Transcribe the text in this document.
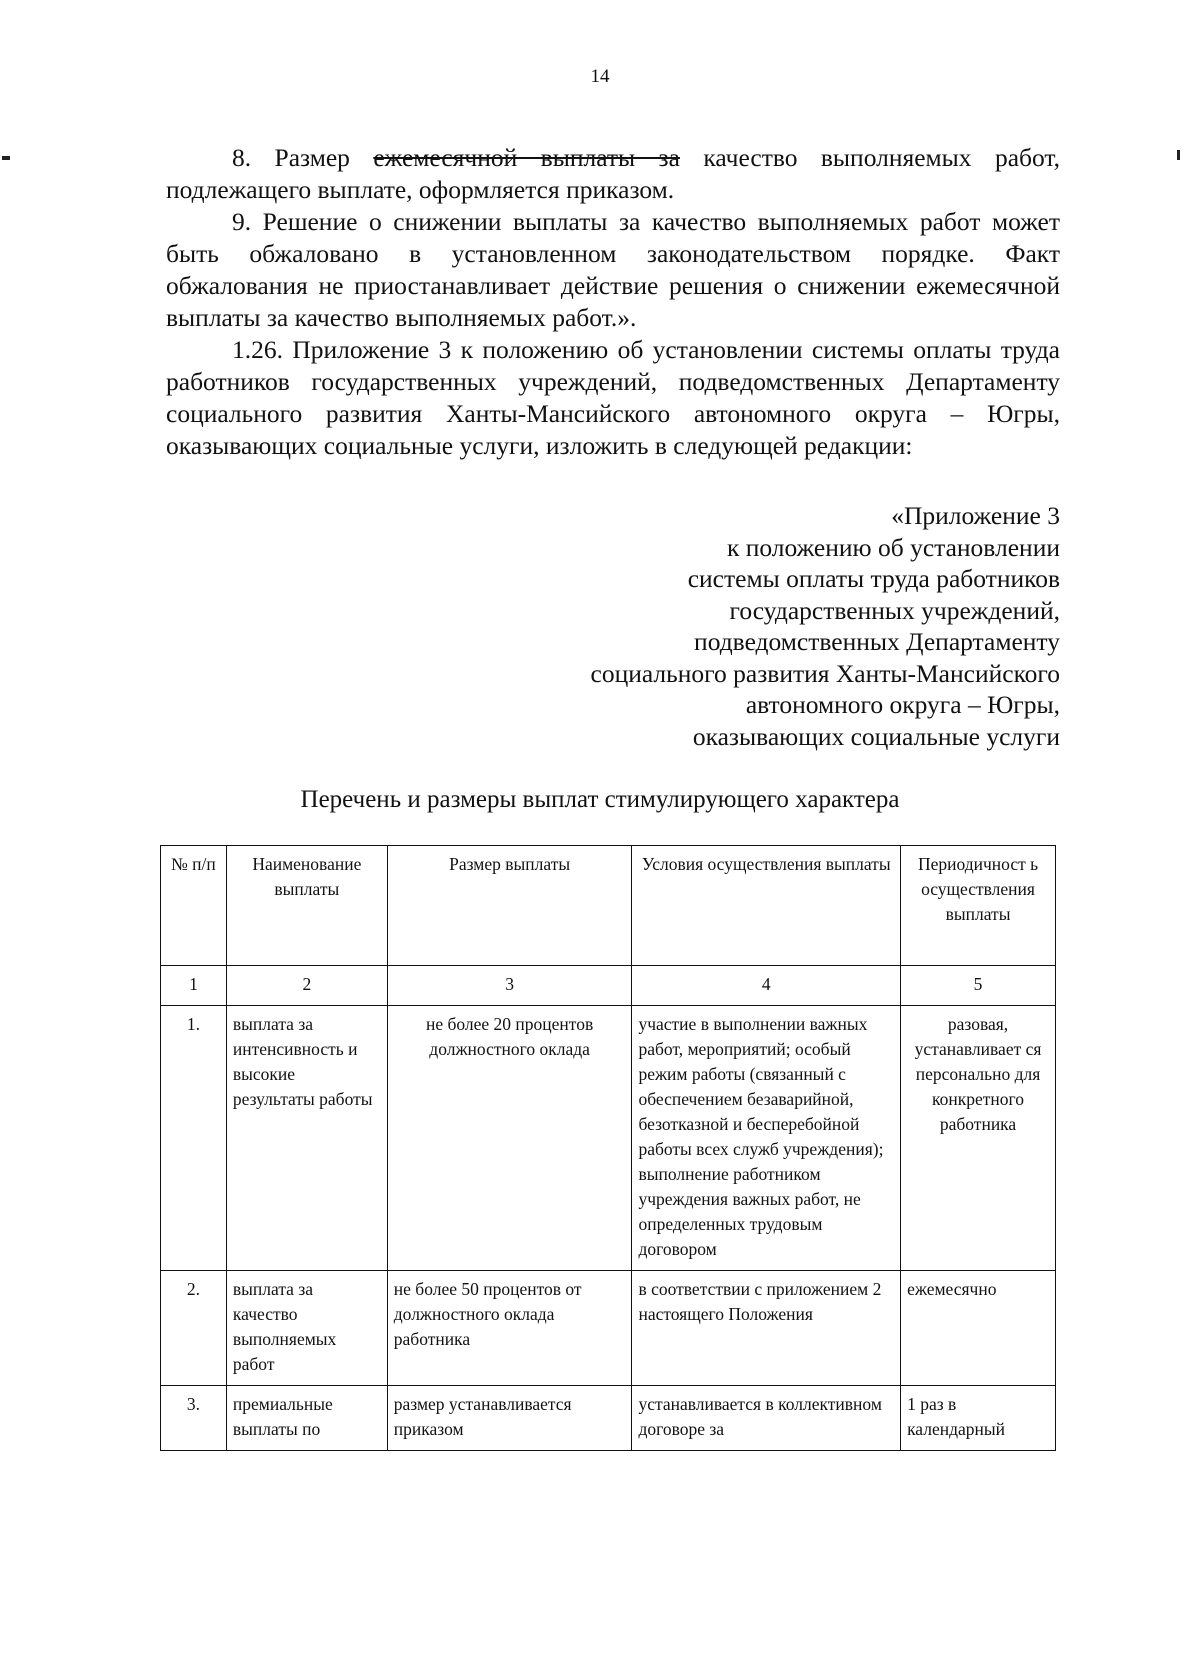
14

8. Размер ежемесячной выплаты за качество выполняемых работ, подлежащего выплате, оформляется приказом.

9. Решение о снижении выплаты за качество выполняемых работ может быть обжаловано в установленном законодательством порядке. Факт обжалования не приостанавливает действие решения о снижении ежемесячной выплаты за качество выполняемых работ.».

1.26. Приложение 3 к положению об установлении системы оплаты труда работников государственных учреждений, подведомственных Департаменту социального развития Ханты-Мансийского автономного округа – Югры, оказывающих социальные услуги, изложить в следующей редакции:

«Приложение 3
к положению об установлении
системы оплаты труда работников
государственных учреждений,
подведомственных Департаменту
социального развития Ханты-Мансийского
автономного округа – Югры,
оказывающих социальные услуги
Перечень и размеры выплат стимулирующего характера
№ п/п	Наименование выплаты	Размер выплаты	Условия осуществления выплаты	Периодичност ь осуществления выплаты
1	2	3	4	5
1.	выплата за интенсивность и высокие результаты работы	не более 20 процентов должностного оклада	участие в выполнении важных работ, мероприятий; особый режим работы (связанный с обеспечением безаварийной, безотказной и бесперебойной работы всех служб учреждения); выполнение работником учреждения важных работ, не определенных трудовым договором	разовая, устанавливает ся персонально для конкретного работника
2.	выплата за качество выполняемых работ	не более 50 процентов от должностного оклада работника	в соответствии с приложением 2 настоящего Положения	ежемесячно
3.	премиальные выплаты по	размер устанавливается приказом	устанавливается в коллективном договоре за	1 раз в календарный
